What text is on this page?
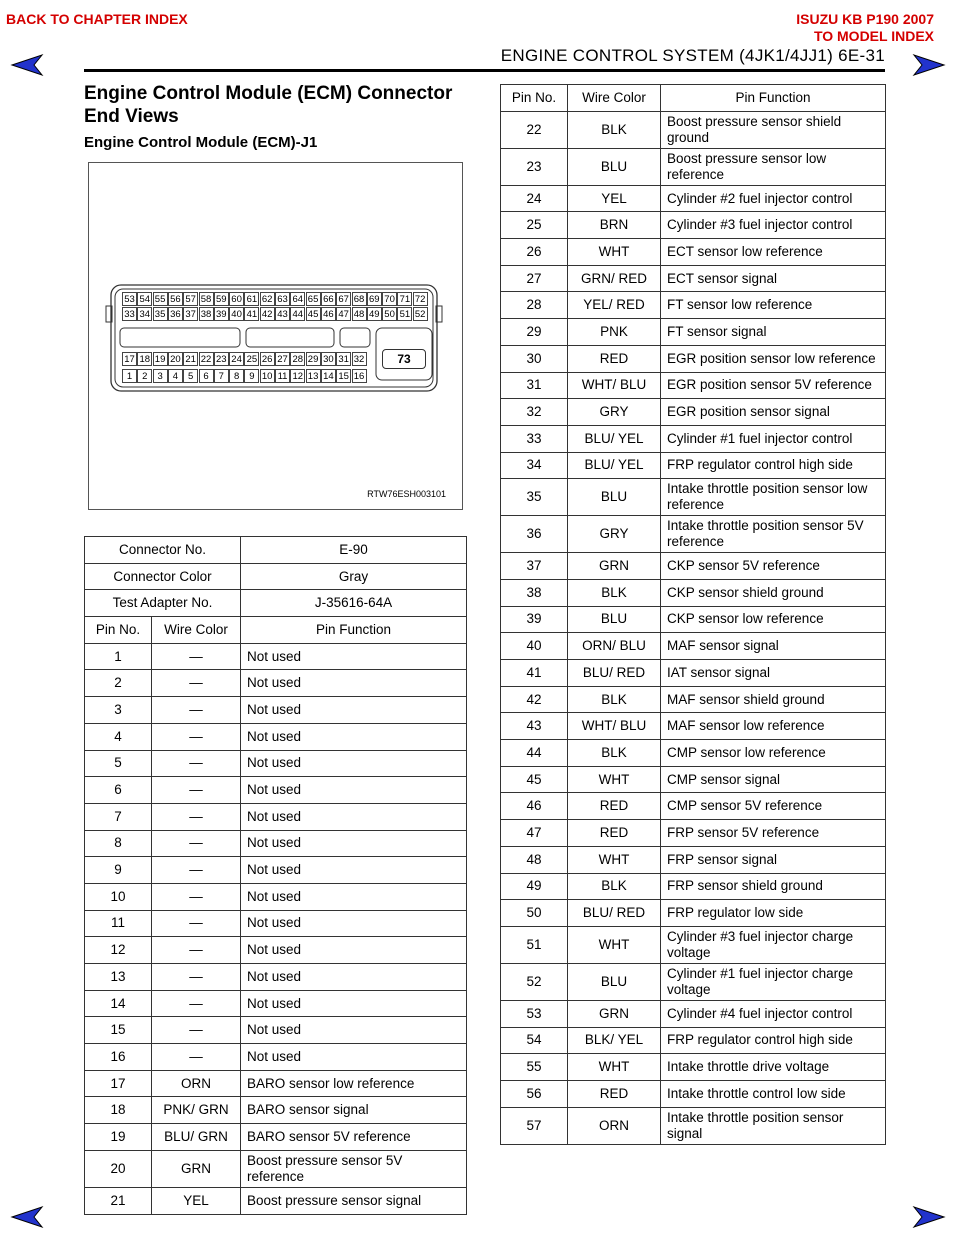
BACK TO CHAPTER INDEX	ISUZU KB P190 2007
TO MODEL INDEX
ENGINE CONTROL SYSTEM (4JK1/4JJ1) 6E-31
Engine Control Module (ECM) Connector End Views
Engine Control Module (ECM)-J1
53 54 55 56 57 58 59 60 61 62 63 64 65 66 67 68 69 70 71 72
33 34 35 36 37 38 39 40 41 42 43 44 45 46 47 48 49 50 51 52
17 18 19 20 21 22 23 24 25 26 27 28 29 30 31 32
1	2	3	4	5	6	7	8	9 10 11 12 13 14 15 16
73
RTW76ESH003101
Connector No.		E-90
Connector Color		Gray
Test Adapter No.		J-35616-64A
Pin No.	Wire Color	Pin Function
1	—	Not used
2	—	Not used
3	—	Not used
4	—	Not used
5	—	Not used
6	—	Not used
7	—	Not used
8	—	Not used
9	—	Not used
10	—	Not used
11	—	Not used
12	—	Not used
13	—	Not used
14	—	Not used
15	—	Not used
16	—	Not used
17	ORN	BARO sensor low reference
18	PNK/ GRN	BARO sensor signal
19	BLU/ GRN	BARO sensor 5V reference
20	GRN	Boost pressure sensor 5V reference
21	YEL	Boost pressure sensor signal
Pin No.	Wire Color	Pin Function
22	BLK	Boost pressure sensor shield ground
23	BLU	Boost pressure sensor low reference
24	YEL	Cylinder #2 fuel injector control
25	BRN	Cylinder #3 fuel injector control
26	WHT	ECT sensor low reference
27	GRN/ RED	ECT sensor signal
28	YEL/ RED	FT sensor low reference
29	PNK	FT sensor signal
30	RED	EGR position sensor low reference
31	WHT/ BLU	EGR position sensor 5V reference
32	GRY	EGR position sensor signal
33	BLU/ YEL	Cylinder #1 fuel injector control
34	BLU/ YEL	FRP regulator control high side
35	BLU	Intake throttle position sensor low reference
36	GRY	Intake throttle position sensor 5V reference
37	GRN	CKP sensor 5V reference
38	BLK	CKP sensor shield ground
39	BLU	CKP sensor low reference
40	ORN/ BLU	MAF sensor signal
41	BLU/ RED	IAT sensor signal
42	BLK	MAF sensor shield ground
43	WHT/ BLU	MAF sensor low reference
44	BLK	CMP sensor low reference
45	WHT	CMP sensor signal
46	RED	CMP sensor 5V reference
47	RED	FRP sensor 5V reference
48	WHT	FRP sensor signal
49	BLK	FRP sensor shield ground
50	BLU/ RED	FRP regulator low side
51	WHT	Cylinder #3 fuel injector charge voltage
52	BLU	Cylinder #1 fuel injector charge voltage
53	GRN	Cylinder #4 fuel injector control
54	BLK/ YEL	FRP regulator control high side
55	WHT	Intake throttle drive voltage
56	RED	Intake throttle control low side
57	ORN	Intake throttle position sensor signal
